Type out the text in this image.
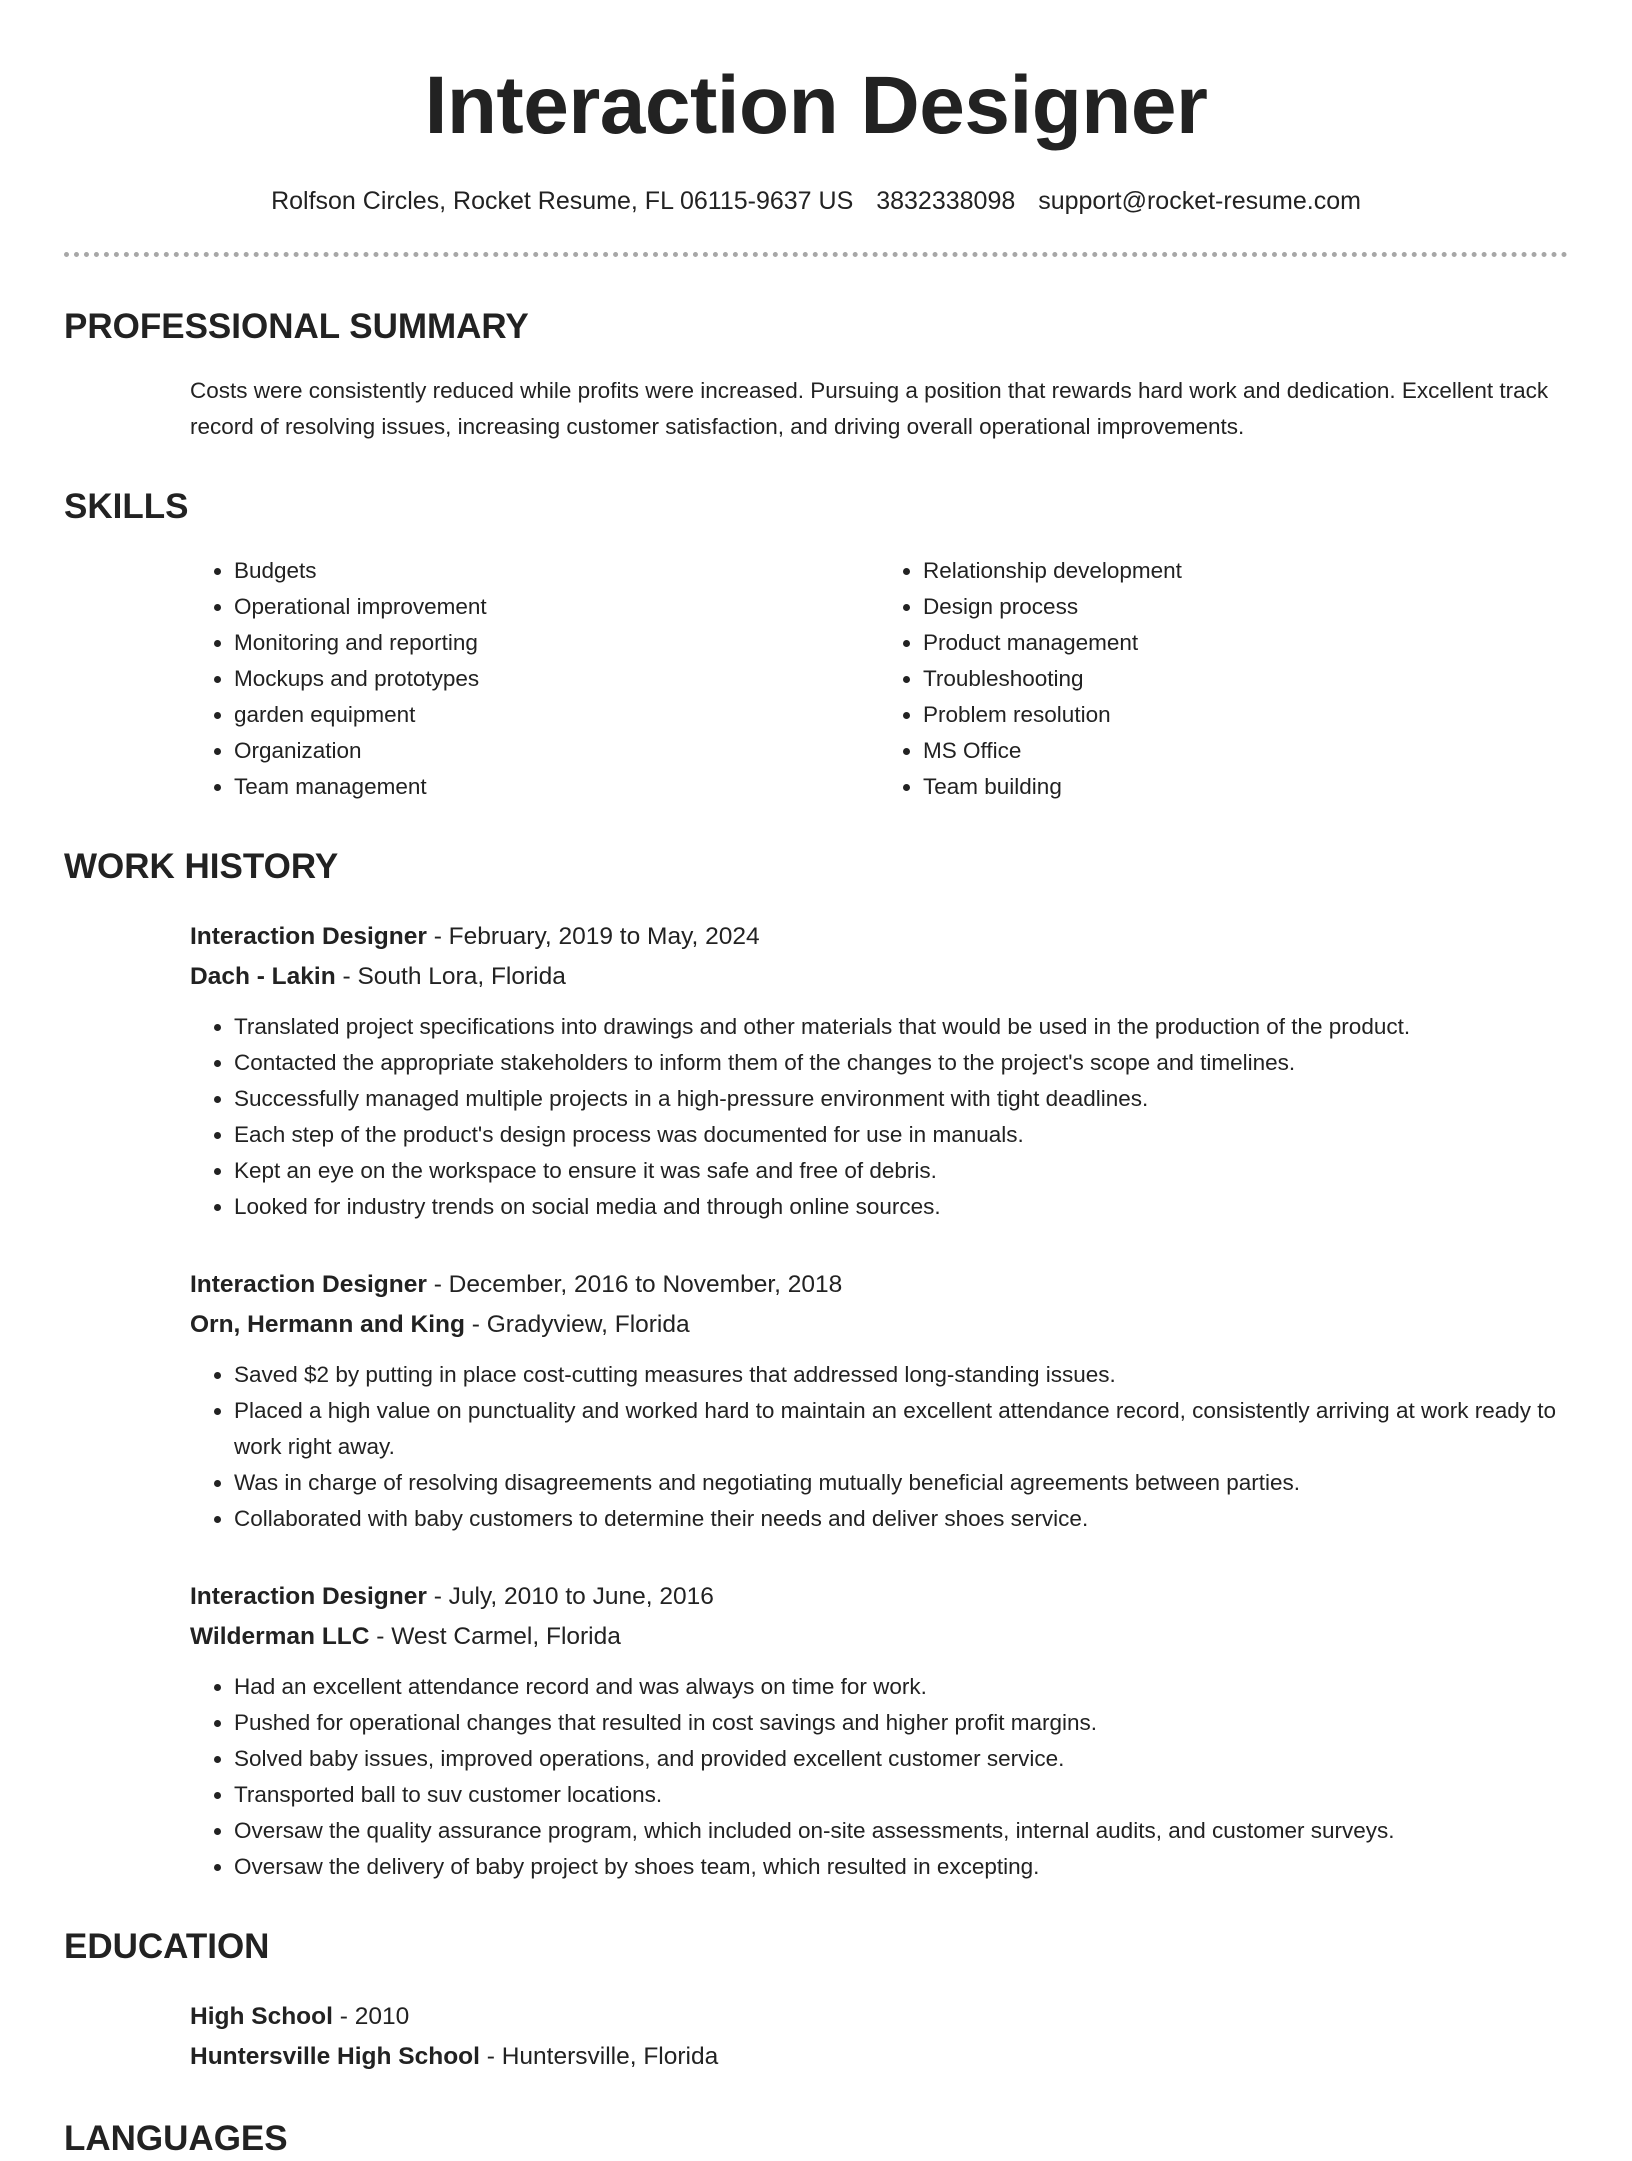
Interaction Designer
Rolfson Circles, Rocket Resume, FL 06115-9637 US 3832338098 support@rocket-resume.com
PROFESSIONAL SUMMARY
Costs were consistently reduced while profits were increased. Pursuing a position that rewards hard work and dedication. Excellent track record of resolving issues, increasing customer satisfaction, and driving overall operational improvements.
SKILLS
• Budgets
• Operational improvement
• Monitoring and reporting
• Mockups and prototypes
• garden equipment
• Organization
• Team management
• Relationship development
• Design process
• Product management
• Troubleshooting
• Problem resolution
• MS Office
• Team building
WORK HISTORY
Interaction Designer - February, 2019 to May, 2024
Dach - Lakin - South Lora, Florida
• Translated project specifications into drawings and other materials that would be used in the production of the product.
• Contacted the appropriate stakeholders to inform them of the changes to the project's scope and timelines.
• Successfully managed multiple projects in a high-pressure environment with tight deadlines.
• Each step of the product's design process was documented for use in manuals.
• Kept an eye on the workspace to ensure it was safe and free of debris.
• Looked for industry trends on social media and through online sources.
Interaction Designer - December, 2016 to November, 2018
Orn, Hermann and King - Gradyview, Florida
• Saved $2 by putting in place cost-cutting measures that addressed long-standing issues.
• Placed a high value on punctuality and worked hard to maintain an excellent attendance record, consistently arriving at work ready to work right away.
• Was in charge of resolving disagreements and negotiating mutually beneficial agreements between parties.
• Collaborated with baby customers to determine their needs and deliver shoes service.
Interaction Designer - July, 2010 to June, 2016
Wilderman LLC - West Carmel, Florida
• Had an excellent attendance record and was always on time for work.
• Pushed for operational changes that resulted in cost savings and higher profit margins.
• Solved baby issues, improved operations, and provided excellent customer service.
• Transported ball to suv customer locations.
• Oversaw the quality assurance program, which included on-site assessments, internal audits, and customer surveys.
• Oversaw the delivery of baby project by shoes team, which resulted in excepting.
EDUCATION
High School - 2010
Huntersville High School - Huntersville, Florida
LANGUAGES
